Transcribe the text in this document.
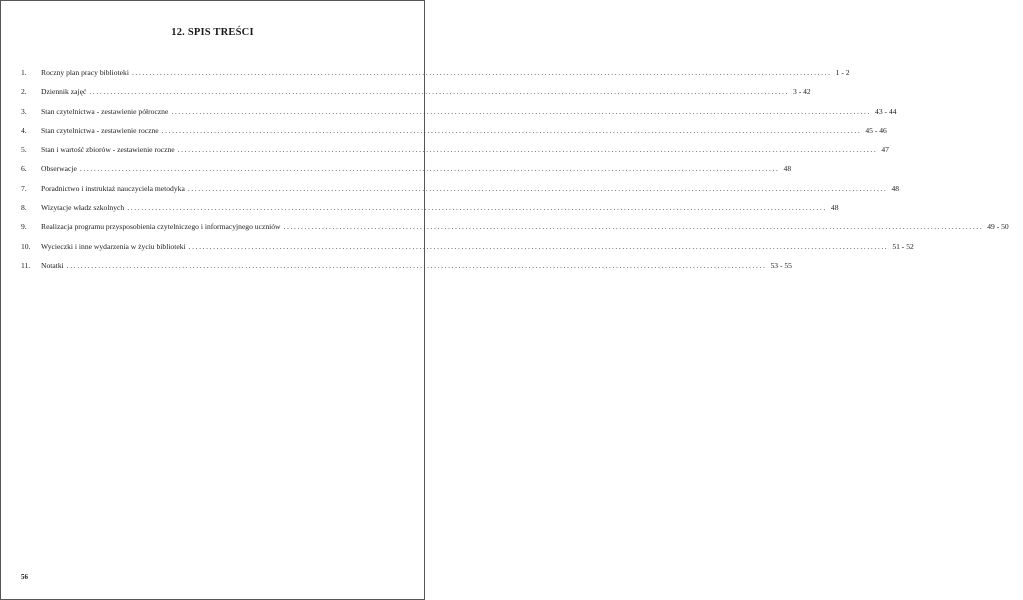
12. SPIS TREŚCI
1.	Roczny plan pracy biblioteki ........................................................................................................................................................................................................ 1 - 2
2.	Dziennik zajęć ........................................................................................................................................................................................................ 3 - 42
3.	Stan czytelnictwa - zestawienie półroczne ........................................................................................................................................................................................................ 43 - 44
4.	Stan czytelnictwa - zestawienie roczne ........................................................................................................................................................................................................ 45 - 46
5.	Stan i wartość zbiorów - zestawienie roczne ........................................................................................................................................................................................................ 47
6.	Obserwacje ........................................................................................................................................................................................................ 48
7.	Poradnictwo i instruktaż nauczyciela metodyka ........................................................................................................................................................................................................ 48
8.	Wizytacje władz szkolnych ........................................................................................................................................................................................................ 48
9.	Realizacja programu przysposobienia czytelniczego i informacyjnego uczniów ........................................................................................................................................................................................................ 49 - 50
10.	Wycieczki i inne wydarzenia w życiu biblioteki ........................................................................................................................................................................................................ 51 - 52
11.	Notatki ........................................................................................................................................................................................................ 53 - 55
56
